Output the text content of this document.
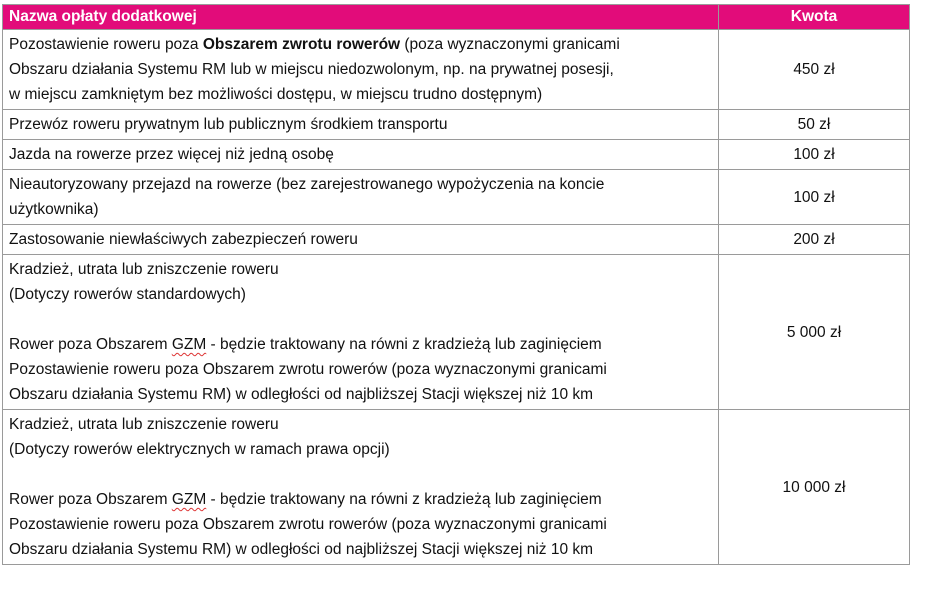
Nazwa opłaty dodatkowej	Kwota

Pozostawienie roweru poza Obszarem zwrotu rowerów (poza wyznaczonymi granicami
Obszaru działania Systemu RM lub w miejscu niedozwolonym, np. na prywatnej posesji,
w miejscu zamkniętym bez możliwości dostępu, w miejscu trudno dostępnym)	450 zł

Przewóz roweru prywatnym lub publicznym środkiem transportu	50 zł

Jazda na rowerze przez więcej niż jedną osobę	100 zł

Nieautoryzowany przejazd na rowerze (bez zarejestrowanego wypożyczenia na koncie
użytkownika)	100 zł

Zastosowanie niewłaściwych zabezpieczeń roweru	200 zł

Kradzież, utrata lub zniszczenie roweru
(Dotyczy rowerów standardowych)
Rower poza Obszarem GZM - będzie traktowany na równi z kradzieżą lub zaginięciem
Pozostawienie roweru poza Obszarem zwrotu rowerów (poza wyznaczonymi granicami
Obszaru działania Systemu RM) w odległości od najbliższej Stacji większej niż 10 km	5 000 zł

Kradzież, utrata lub zniszczenie roweru
(Dotyczy rowerów elektrycznych w ramach prawa opcji)
Rower poza Obszarem GZM - będzie traktowany na równi z kradzieżą lub zaginięciem
Pozostawienie roweru poza Obszarem zwrotu rowerów (poza wyznaczonymi granicami
Obszaru działania Systemu RM) w odległości od najbliższej Stacji większej niż 10 km	10 000 zł
